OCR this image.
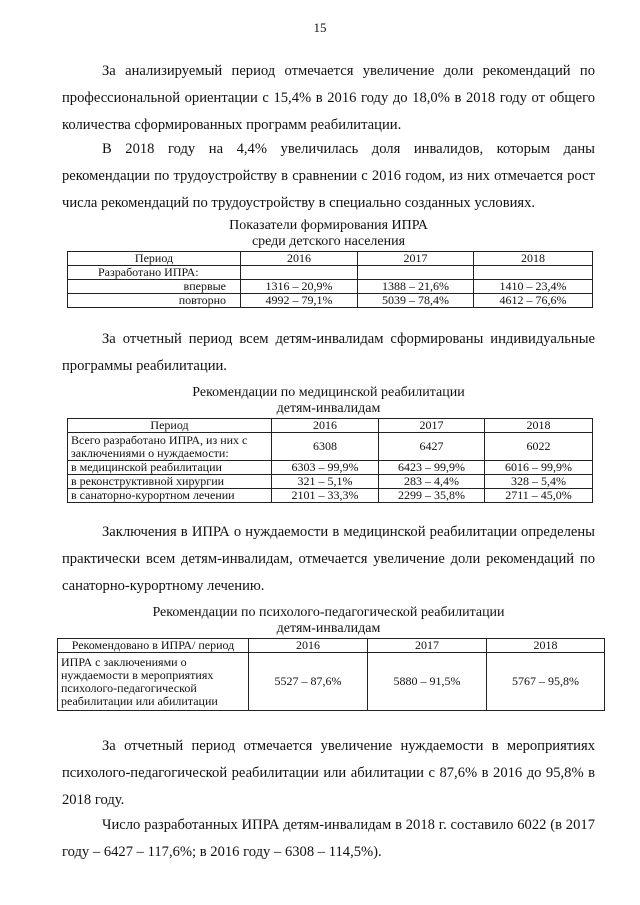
15

За анализируемый период отмечается увеличение доли рекомендаций по профессиональной ориентации с 15,4% в 2016 году до 18,0% в 2018 году от общего количества сформированных программ реабилитации.

В 2018 году на 4,4% увеличилась доля инвалидов, которым даны рекомендации по трудоустройству в сравнении с 2016 годом, из них отмечается рост числа рекомендаций по трудоустройству в специально созданных условиях.

Показатели формирования ИПРА
среди детского населения
Период	2016	2017	2018
Разработано ИПРА:			
впервые	1316 – 20,9%	1388 – 21,6%	1410 – 23,4%
повторно	4992 – 79,1%	5039 – 78,4%	4612 – 76,6%

За отчетный период всем детям-инвалидам сформированы индивидуальные программы реабилитации.

Рекомендации по медицинской реабилитации
детям-инвалидам
Период	2016	2017	2018
Всего разработано ИПРА, из них с заключениями о нуждаемости:	6308	6427	6022
в медицинской реабилитации	6303 – 99,9%	6423 – 99,9%	6016 – 99,9%
в реконструктивной хирургии	321 – 5,1%	283 – 4,4%	328 – 5,4%
в санаторно-курортном лечении	2101 – 33,3%	2299 – 35,8%	2711 – 45,0%

Заключения в ИПРА о нуждаемости в медицинской реабилитации определены практически всем детям-инвалидам, отмечается увеличение доли рекомендаций по санаторно-курортному лечению.

Рекомендации по психолого-педагогической реабилитации
детям-инвалидам
Рекомендовано в ИПРА/ период	2016	2017	2018
ИПРА с заключениями о нуждаемости в мероприятиях психолого-педагогической реабилитации или абилитации	5527 – 87,6%	5880 – 91,5%	5767 – 95,8%

За отчетный период отмечается увеличение нуждаемости в мероприятиях психолого-педагогической реабилитации или абилитации с 87,6% в 2016 до 95,8% в 2018 году.

Число разработанных ИПРА детям-инвалидам в 2018 г. составило 6022 (в 2017 году – 6427 – 117,6%; в 2016 году – 6308 – 114,5%).
